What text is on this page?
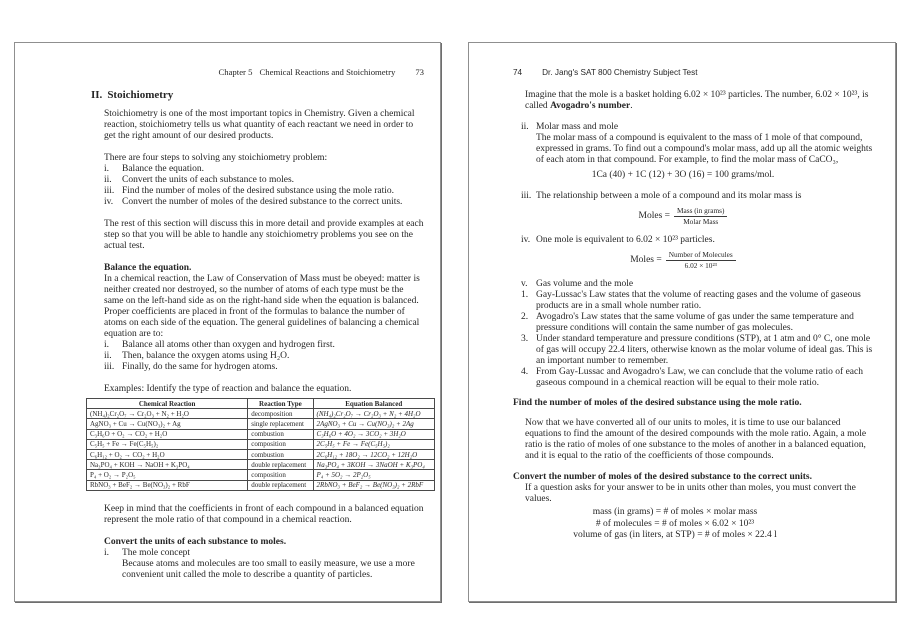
Chapter 5 Chemical Reactions and Stoichiometry 73
II. Stoichiometry

Stoichiometry is one of the most important topics in Chemistry. Given a chemical reaction, stoichiometry tells us what quantity of each reactant we need in order to get the right amount of our desired products.

There are four steps to solving any stoichiometry problem:

i.	Balance the equation.
ii.	Convert the units of each substance to moles.
iii. Find the number of moles of the desired substance using the mole ratio.
iv. Convert the number of moles of the desired substance to the correct units.

The rest of this section will discuss this in more detail and provide examples at each step so that you will be able to handle any stoichiometry problems you see on the actual test.

Balance the equation.

In a chemical reaction, the Law of Conservation of Mass must be obeyed: matter is neither created nor destroyed, so the number of atoms of each type must be the same on the left-hand side as on the right-hand side when the equation is balanced. Proper coefficients are placed in front of the formulas to balance the number of atoms on each side of the equation. The general guidelines of balancing a chemical equation are to:

i.	Balance all atoms other than oxygen and hydrogen first.
ii.	Then, balance the oxygen atoms using H₂O.
iii. Finally, do the same for hydrogen atoms.

Examples: Identify the type of reaction and balance the equation.

Chemical Reaction	Reaction Type	Equation Balanced
(NH₄)₂Cr₂O₇ → Cr₂O₃ + N₂ + H₂O	decomposition	(NH₄)₂Cr₂O₇ → Cr₂O₃ + N₂ + 4H₂O
AgNO₃ + Cu → Cu(NO₃)₂ + Ag	single replacement	2AgNO₃ + Cu → Cu(NO₃)₂ + 2Ag
C₃H₆O + O₂ → CO₂ + H₂O	combustion	C₃H₆O + 4O₂ → 3CO₂ + 3H₂O
C₅H₅ + Fe → Fe(C₅H₅)₂	composition	2C₅H₅ + Fe → Fe(C₅H₅)₂
C₆H₁₂ + O₂ → CO₂ + H₂O	combustion	2C₆H₁₂ + 18O₂ → 12CO₂ + 12H₂O
Na₃PO₄ + KOH → NaOH + K₃PO₄	double replacement	Na₃PO₄ + 3KOH → 3NaOH + K₃PO₄
P₄ + O₂ → P₂O₅	composition	P₄ + 5O₂ → 2P₂O₅
RbNO₃ + BeF₂ → Be(NO₃)₂ + RbF	double replacement	2RbNO₃ + BeF₂ → Be(NO₃)₂ + 2RbF

Keep in mind that the coefficients in front of each compound in a balanced equation represent the mole ratio of that compound in a chemical reaction.

Convert the units of each substance to moles.
i.	The mole concept
Because atoms and molecules are too small to easily measure, we use a more convenient unit called the mole to describe a quantity of particles.
74 Dr. Jang's SAT 800 Chemistry Subject Test

Imagine that the mole is a basket holding 6.02 × 10²³ particles. The number, 6.02 × 10²³, is called Avogadro's number.

ii. Molar mass and mole
The molar mass of a compound is equivalent to the mass of 1 mole of that compound, expressed in grams. To find out a compound's molar mass, add up all the atomic weights of each atom in that compound. For example, to find the molar mass of CaCO₃,
1Ca (40) + 1C (12) + 3O (16) = 100 grams/mol.
iii. The relationship between a mole of a compound and its molar mass is
Moles = $\frac{\text{Mass (in grams)}}{\text{Molar Mass}}$
iv. One mole is equivalent to 6.02 × 10²³ particles.
Moles = $\frac{\text{Number of Molecules}}{\text{6.02 × 10²³}}$
v. Gas volume and the mole
1. Gay-Lussac's Law states that the volume of reacting gases and the volume of gaseous products are in a small whole number ratio.
2. Avogadro's Law states that the same volume of gas under the same temperature and pressure conditions will contain the same number of gas molecules.
3. Under standard temperature and pressure conditions (STP), at 1 atm and 0° C, one mole of gas will occupy 22.4 liters, otherwise known as the molar volume of ideal gas. This is an important number to remember.
4. From Gay-Lussac and Avogadro's Law, we can conclude that the volume ratio of each gaseous compound in a chemical reaction will be equal to their mole ratio.
Find the number of moles of the desired substance using the mole ratio.

Now that we have converted all of our units to moles, it is time to use our balanced equations to find the amount of the desired compounds with the mole ratio. Again, a mole ratio is the ratio of moles of one substance to the moles of another in a balanced equation, and it is equal to the ratio of the coefficients of those compounds.

Convert the number of moles of the desired substance to the correct units.

If a question asks for your answer to be in units other than moles, you must convert the values.

mass (in grams) = # of moles × molar mass
# of molecules = # of moles × 6.02 × 10²³
volume of gas (in liters, at STP) = # of moles × 22.4 l
